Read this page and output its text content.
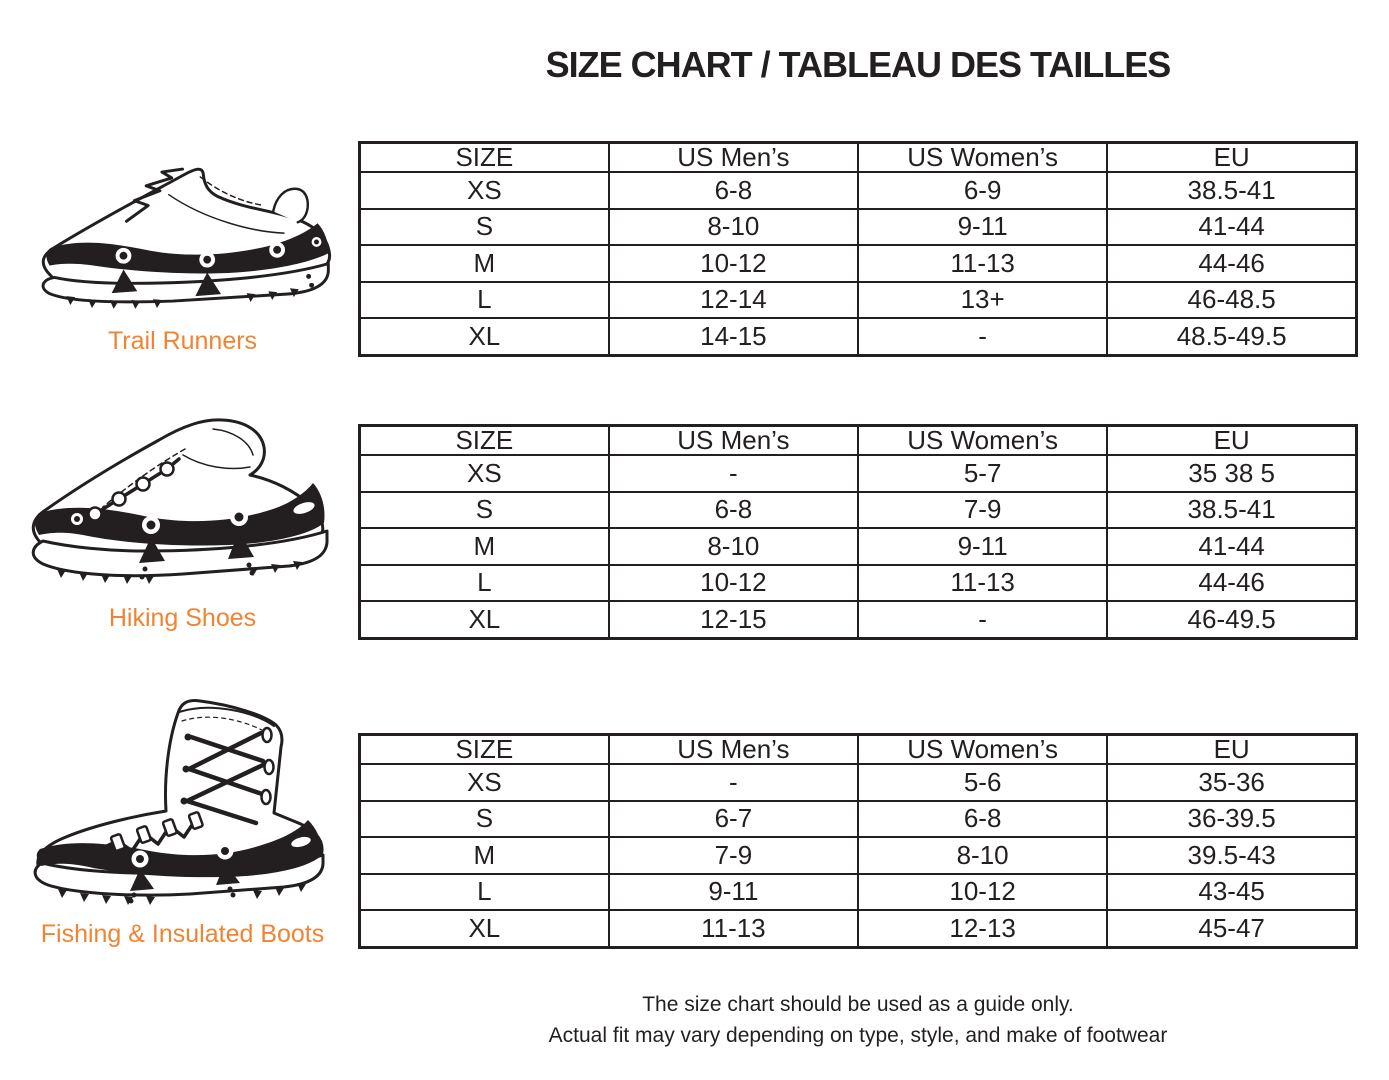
SIZE CHART / TABLEAU DES TAILLES
Trail Runners
Hiking Shoes
Fishing & Insulated Boots
SIZE	US Men’s	US Women’s	EU
XS	6-8	6-9	38.5-41
S	8-10	9-11	41-44
M	10-12	11-13	44-46
L	12-14	13+	46-48.5
XL	14-15	-	48.5-49.5
SIZE	US Men’s	US Women’s	EU
XS	-	5-7	35 38 5
S	6-8	7-9	38.5-41
M	8-10	9-11	41-44
L	10-12	11-13	44-46
XL	12-15	-	46-49.5
SIZE	US Men’s	US Women’s	EU
XS	-	5-6	35-36
S	6-7	6-8	36-39.5
M	7-9	8-10	39.5-43
L	9-11	10-12	43-45
XL	11-13	12-13	45-47

The size chart should be used as a guide only.

Actual fit may vary depending on type, style, and make of footwear
